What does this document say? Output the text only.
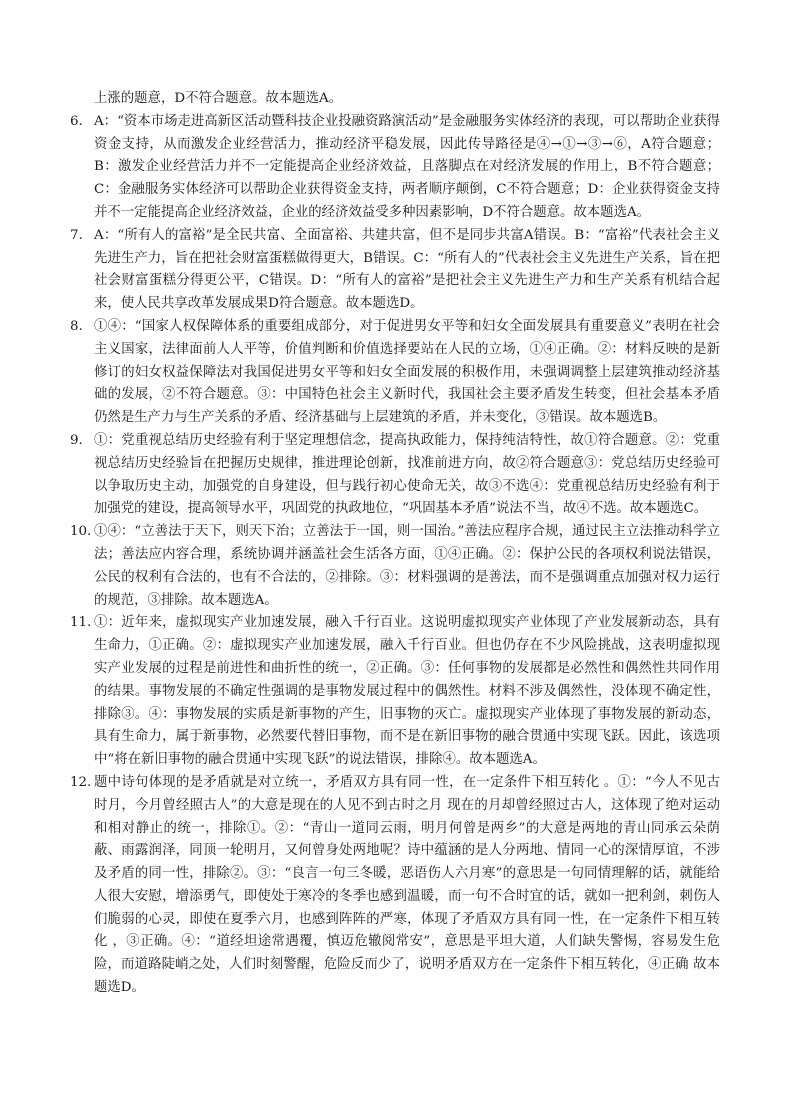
上涨的题意，D不符合题意。故本题选A。

6. A：“资本市场走进高新区活动暨科技企业投融资路演活动”是金融服务实体经济的表现，可以帮助企业获得资金支持，从而激发企业经营活力，推动经济平稳发展，因此传导路径是④→①→③→⑥，A符合题意；B：激发企业经营活力并不一定能提高企业经济效益，且落脚点在对经济发展的作用上，B不符合题意；C：金融服务实体经济可以帮助企业获得资金支持，两者顺序颠倒，C不符合题意；D：企业获得资金支持并不一定能提高企业经济效益，企业的经济效益受多种因素影响，D不符合题意。故本题选A。

7. A：“所有人的富裕”是全民共富、全面富裕、共建共富，但不是同步共富A错误。B：“富裕”代表社会主义先进生产力，旨在把社会财富蛋糕做得更大，B错误。C：“所有人的”代表社会主义先进生产关系，旨在把社会财富蛋糕分得更公平，C错误。D：“所有人的富裕”是把社会主义先进生产力和生产关系有机结合起来，使人民共享改革发展成果D符合题意。故本题选D。

8. ①④：“国家人权保障体系的重要组成部分，对于促进男女平等和妇女全面发展具有重要意义”表明在社会主义国家，法律面前人人平等，价值判断和价值选择要站在人民的立场，①④正确。②：材料反映的是新修订的妇女权益保障法对我国促进男女平等和妇女全面发展的积极作用，未强调调整上层建筑推动经济基础的发展，②不符合题意。③：中国特色社会主义新时代，我国社会主要矛盾发生转变，但社会基本矛盾仍然是生产力与生产关系的矛盾、经济基础与上层建筑的矛盾，并未变化，③错误。故本题选B。

9. ①：党重视总结历史经验有利于坚定理想信念，提高执政能力，保持纯洁特性，故①符合题意。②：党重视总结历史经验旨在把握历史规律，推进理论创新，找准前进方向，故②符合题意③：党总结历史经验可以争取历史主动，加强党的自身建设，但与践行初心使命无关，故③不选④：党重视总结历史经验有利于加强党的建设，提高领导水平，巩固党的执政地位，“巩固基本矛盾”说法不当，故④不选。故本题选C。

10. ①④：“立善法于天下，则天下治；立善法于一国，则一国治。”善法应程序合规，通过民主立法推动科学立法；善法应内容合理，系统协调并涵盖社会生活各方面，①④正确。②：保护公民的各项权利说法错误，公民的权利有合法的，也有不合法的，②排除。③：材料强调的是善法，而不是强调重点加强对权力运行的规范，③排除。故本题选A。

11. ①：近年来，虚拟现实产业加速发展，融入千行百业。这说明虚拟现实产业体现了产业发展新动态，具有生命力，①正确。②：虚拟现实产业加速发展，融入千行百业。但也仍存在不少风险挑战，这表明虚拟现实产业发展的过程是前进性和曲折性的统一，②正确。③：任何事物的发展都是必然性和偶然性共同作用的结果。事物发展的不确定性强调的是事物发展过程中的偶然性。材料不涉及偶然性，没体现不确定性，排除③。④：事物发展的实质是新事物的产生，旧事物的灭亡。虚拟现实产业体现了事物发展的新动态，具有生命力，属于新事物，必然要代替旧事物，而不是在新旧事物的融合贯通中实现飞跃。因此，该选项中“将在新旧事物的融合贯通中实现飞跃”的说法错误，排除④。故本题选A。

12. 题中诗句体现的是矛盾就是对立统一，矛盾双方具有同一性，在一定条件下相互转化 。①：“今人不见古时月，今月曾经照古人”的大意是现在的人见不到古时之月 现在的月却曾经照过古人，这体现了绝对运动和相对静止的统一，排除①。②：“青山一道同云雨，明月何曾是两乡”的大意是两地的青山同承云朵荫蔽、雨露润泽，同顶一轮明月，又何曾身处两地呢？诗中蕴涵的是人分两地、情同一心的深情厚谊，不涉及矛盾的同一性，排除②。③：“良言一句三冬暖，恶语伤人六月寒”的意思是一句同情理解的话，就能给人很大安慰，增添勇气，即使处于寒冷的冬季也感到温暖，而一句不合时宜的话，就如一把利剑，刺伤人们脆弱的心灵，即使在夏季六月，也感到阵阵的严寒，体现了矛盾双方具有同一性，在一定条件下相互转化 ，③正确。④：“道经坦途常遇覆，慎迈危辙阅常安”，意思是平坦大道，人们缺失警惕，容易发生危险，而道路陡峭之处，人们时刻警醒，危险反而少了，说明矛盾双方在一定条件下相互转化，④正确 故本题选D。
